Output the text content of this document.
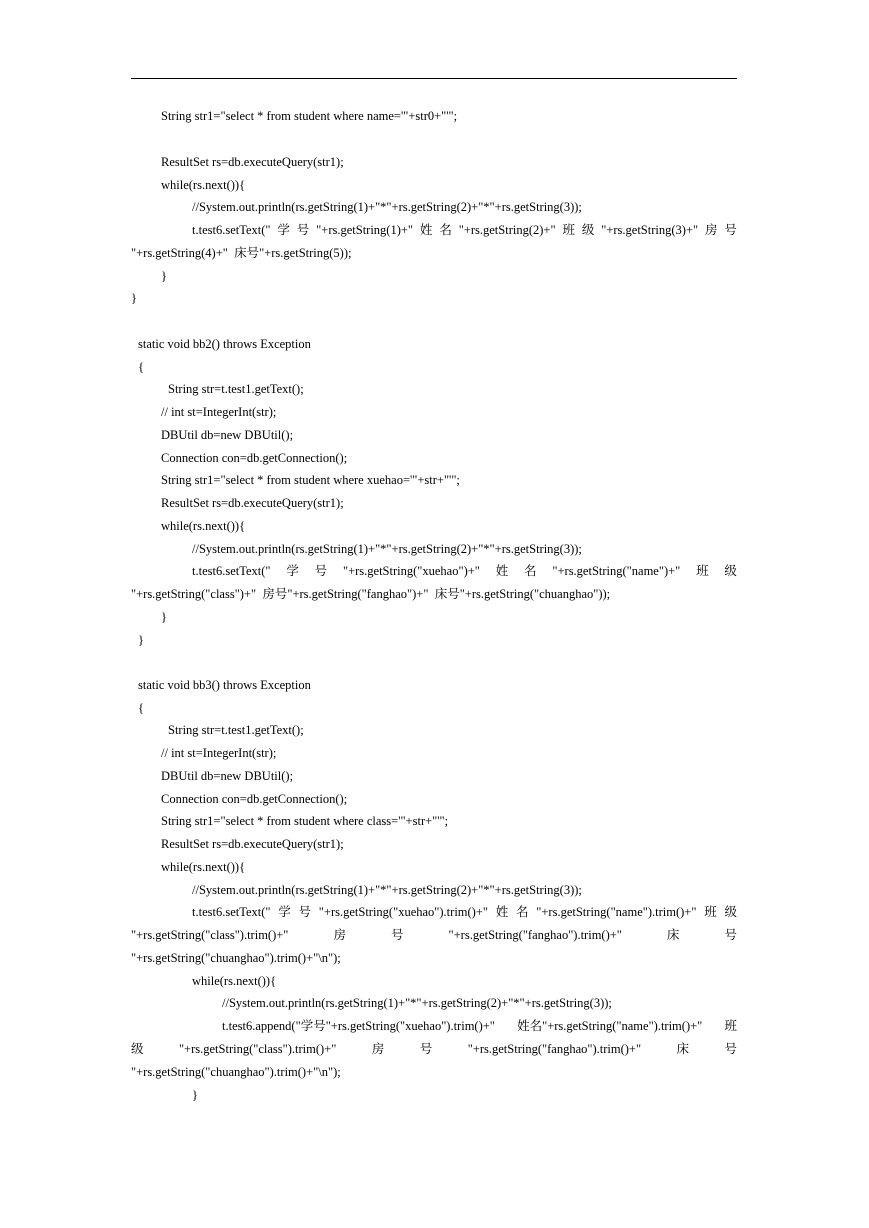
String str1="select * from student where name='"+str0+"'";
ResultSet rs=db.executeQuery(str1);
while(rs.next()){
//System.out.println(rs.getString(1)+"*"+rs.getString(2)+"*"+rs.getString(3));
t.test6.setText(" 学 号 "+rs.getString(1)+" 姓 名 "+rs.getString(2)+" 班 级 "+rs.getString(3)+" 房 号
"+rs.getString(4)+"  床号"+rs.getString(5));
}
}
static void bb2() throws Exception
{
String str=t.test1.getText();
// int st=IntegerInt(str);
DBUtil db=new DBUtil();
Connection con=db.getConnection();
String str1="select * from student where xuehao='"+str+"'";
ResultSet rs=db.executeQuery(str1);
while(rs.next()){
//System.out.println(rs.getString(1)+"*"+rs.getString(2)+"*"+rs.getString(3));
t.test6.setText(" 学 号 "+rs.getString("xuehao")+" 姓 名 "+rs.getString("name")+" 班 级
"+rs.getString("class")+"  房号"+rs.getString("fanghao")+"  床号"+rs.getString("chuanghao"));
}
}
static void bb3() throws Exception
{
String str=t.test1.getText();
// int st=IntegerInt(str);
DBUtil db=new DBUtil();
Connection con=db.getConnection();
String str1="select * from student where class='"+str+"'";
ResultSet rs=db.executeQuery(str1);
while(rs.next()){
//System.out.println(rs.getString(1)+"*"+rs.getString(2)+"*"+rs.getString(3));
t.test6.setText(" 学 号 "+rs.getString("xuehao").trim()+" 姓 名 "+rs.getString("name").trim()+" 班 级
"+rs.getString("class").trim()+"	房	号	"+rs.getString("fanghao").trim()+"	床	号
"+rs.getString("chuanghao").trim()+"\n");
while(rs.next()){
//System.out.println(rs.getString(1)+"*"+rs.getString(2)+"*"+rs.getString(3));
t.test6.append("学号"+rs.getString("xuehao").trim()+" 姓名"+rs.getString("name").trim()+" 班
级	"+rs.getString("class").trim()+"	房	号	"+rs.getString("fanghao").trim()+"	床	号
"+rs.getString("chuanghao").trim()+"\n");
}
